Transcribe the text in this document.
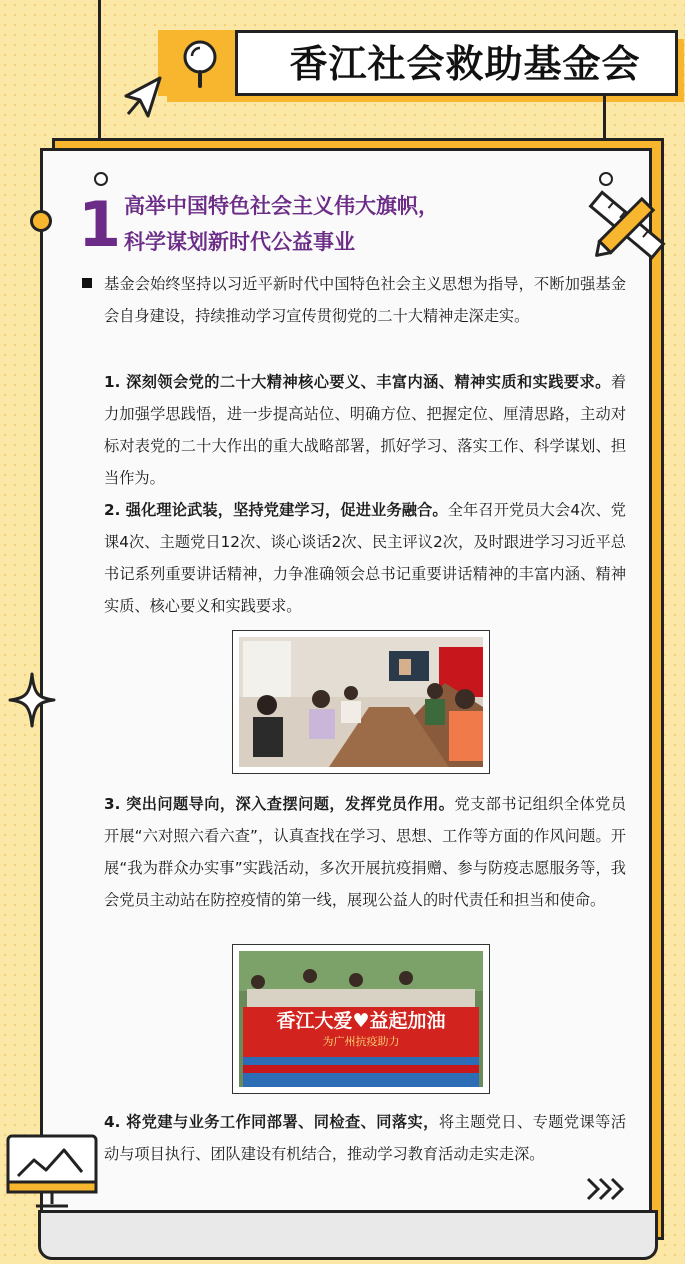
香江社会救助基金会
1 高举中国特色社会主义伟大旗帜，
科学谋划新时代公益事业
基金会始终坚持以习近平新时代中国特色社会主义思想为指导，不断加强基金会自身建设，持续推动学习宣传贯彻党的二十大精神走深走实。
1. 深刻领会党的二十大精神核心要义、丰富内涵、精神实质和实践要求。着力加强学思践悟，进一步提高站位、明确方位、把握定位、厘清思路，主动对标对表党的二十大作出的重大战略部署，抓好学习、落实工作、科学谋划、担当作为。
2. 强化理论武装，坚持党建学习，促进业务融合。全年召开党员大会4次、党课4次、主题党日12次、谈心谈话2次、民主评议2次，及时跟进学习习近平总书记系列重要讲话精神，力争准确领会总书记重要讲话精神的丰富内涵、精神实质、核心要义和实践要求。
3. 突出问题导向，深入查摆问题，发挥党员作用。党支部书记组织全体党员开展“六对照六看六查”，认真查找在学习、思想、工作等方面的作风问题。开展“我为群众办实事”实践活动，多次开展抗疫捐赠、参与防疫志愿服务等，我会党员主动站在防控疫情的第一线，展现公益人的时代责任和担当和使命。
香江大爱♥益起加油
为广州抗疫助力
4. 将党建与业务工作同部署、同检查、同落实，将主题党日、专题党课等活动与项目执行、团队建设有机结合，推动学习教育活动走实走深。
